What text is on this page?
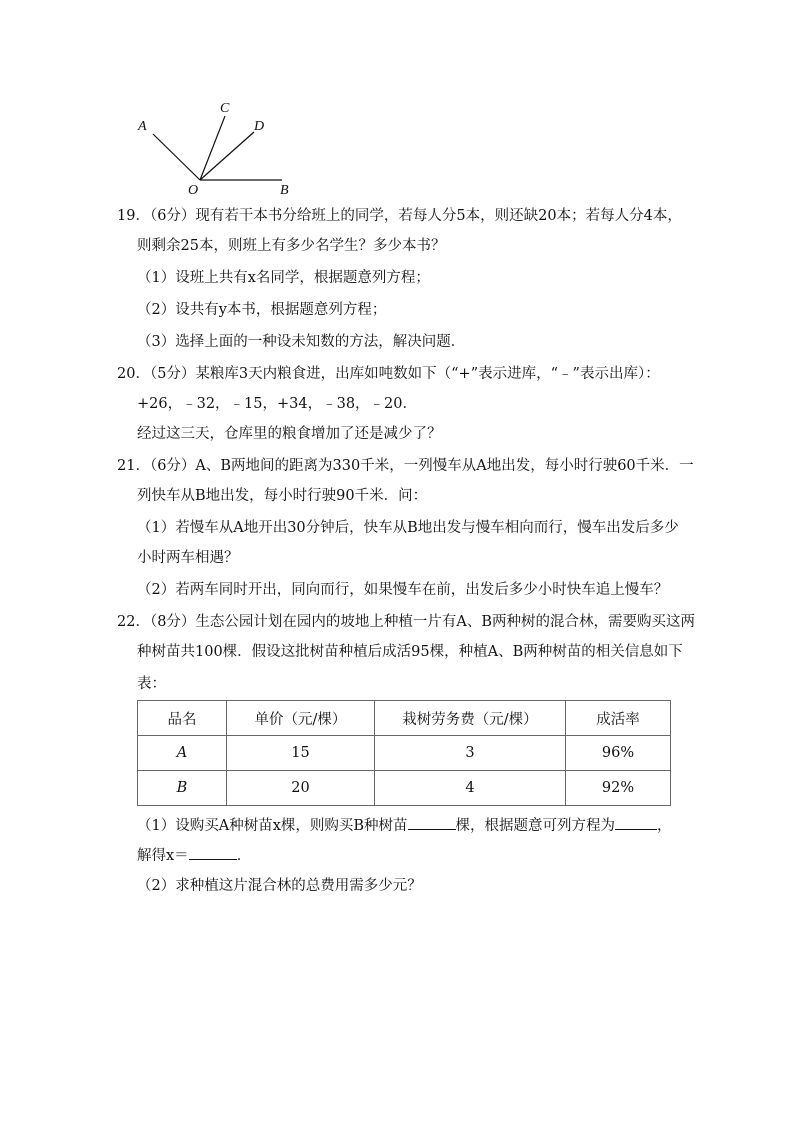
A
C
D
O	B
19．（6分）现有若干本书分给班上的同学，若每人分5本，则还缺20本；若每人分4本，
则剩余25本，则班上有多少名学生？多少本书？
（1）设班上共有x名同学，根据题意列方程；
（2）设共有y本书，根据题意列方程；
（3）选择上面的一种设未知数的方法，解决问题．
20．（5分）某粮库3天内粮食进，出库如吨数如下（“+”表示进库，“﹣”表示出库）：
+26，﹣32，﹣15，+34，﹣38，﹣20．
经过这三天，仓库里的粮食增加了还是减少了？
21．（6分）A、B两地间的距离为330千米，一列慢车从A地出发，每小时行驶60千米．一
列快车从B地出发，每小时行驶90千米．问：
（1）若慢车从A地开出30分钟后，快车从B地出发与慢车相向而行，慢车出发后多少
小时两车相遇？
（2）若两车同时开出，同向而行，如果慢车在前，出发后多少小时快车追上慢车？
22．（8分）生态公园计划在园内的坡地上种植一片有A、B两种树的混合林，需要购买这两
种树苗共100棵．假设这批树苗种植后成活95棵，种植A、B两种树苗的相关信息如下
表：
品名	单价（元/棵）	栽树劳务费（元/棵）	成活率
A	15	3	96%
B	20	4	92%
（1）设购买A种树苗x棵，则购买B种树苗	棵，根据题意可列方程为	，
解得x＝	．
（2）求种植这片混合林的总费用需多少元？
